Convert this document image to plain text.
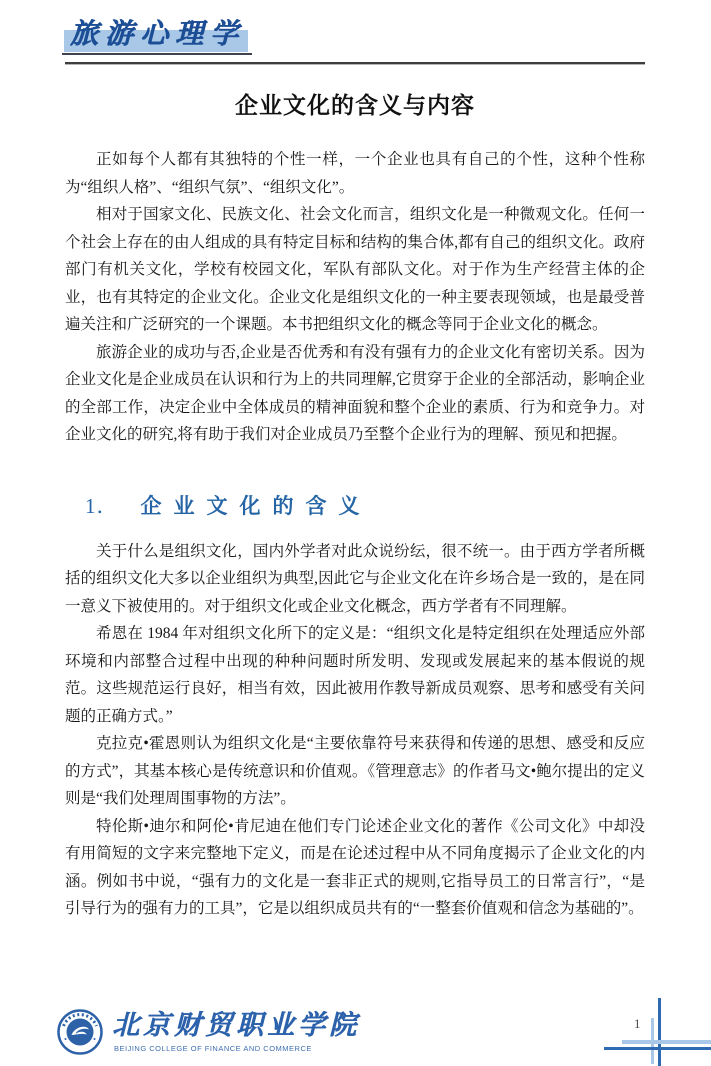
旅游心理学
企业文化的含义与内容

正如每个人都有其独特的个性一样，一个企业也具有自己的个性，这种个性称为“组织人格”、“组织气氛”、“组织文化”。

相对于国家文化、民族文化、社会文化而言，组织文化是一种微观文化。任何一个社会上存在的由人组成的具有特定目标和结构的集合体,都有自己的组织文化。政府部门有机关文化，学校有校园文化，军队有部队文化。对于作为生产经营主体的企业，也有其特定的企业文化。企业文化是组织文化的一种主要表现领域，也是最受普遍关注和广泛研究的一个课题。本书把组织文化的概念等同于企业文化的概念。

旅游企业的成功与否,企业是否优秀和有没有强有力的企业文化有密切关系。因为企业文化是企业成员在认识和行为上的共同理解,它贯穿于企业的全部活动，影响企业的全部工作，决定企业中全体成员的精神面貌和整个企业的素质、行为和竞争力。对企业文化的研究,将有助于我们对企业成员乃至整个企业行为的理解、预见和把握。

1． 企业文化的含义

关于什么是组织文化，国内外学者对此众说纷纭，很不统一。由于西方学者所概括的组织文化大多以企业组织为典型,因此它与企业文化在许乡场合是一致的，是在同一意义下被使用的。对于组织文化或企业文化概念，西方学者有不同理解。

希恩在 1984 年对组织文化所下的定义是：“组织文化是特定组织在处理适应外部环境和内部整合过程中出现的种种问题时所发明、发现或发展起来的基本假说的规范。这些规范运行良好，相当有效，因此被用作教导新成员观察、思考和感受有关问题的正确方式。”

克拉克•霍恩则认为组织文化是“主要依靠符号来获得和传递的思想、感受和反应的方式”，其基本核心是传统意识和价值观。《管理意志》的作者马文•鲍尔提出的定义则是“我们处理周围事物的方法”。

特伦斯•迪尔和阿伦•肯尼迪在他们专门论述企业文化的著作《公司文化》中却没有用简短的文字来完整地下定义，而是在论述过程中从不同角度揭示了企业文化的内涵。例如书中说，“强有力的文化是一套非正式的规则,它指导员工的日常言行”，“是引导行为的强有力的工具”，它是以组织成员共有的“一整套价值观和信念为基础的”。

北京财贸职业学院
BEIJING COLLEGE OF FINANCE AND COMMERCE
1
